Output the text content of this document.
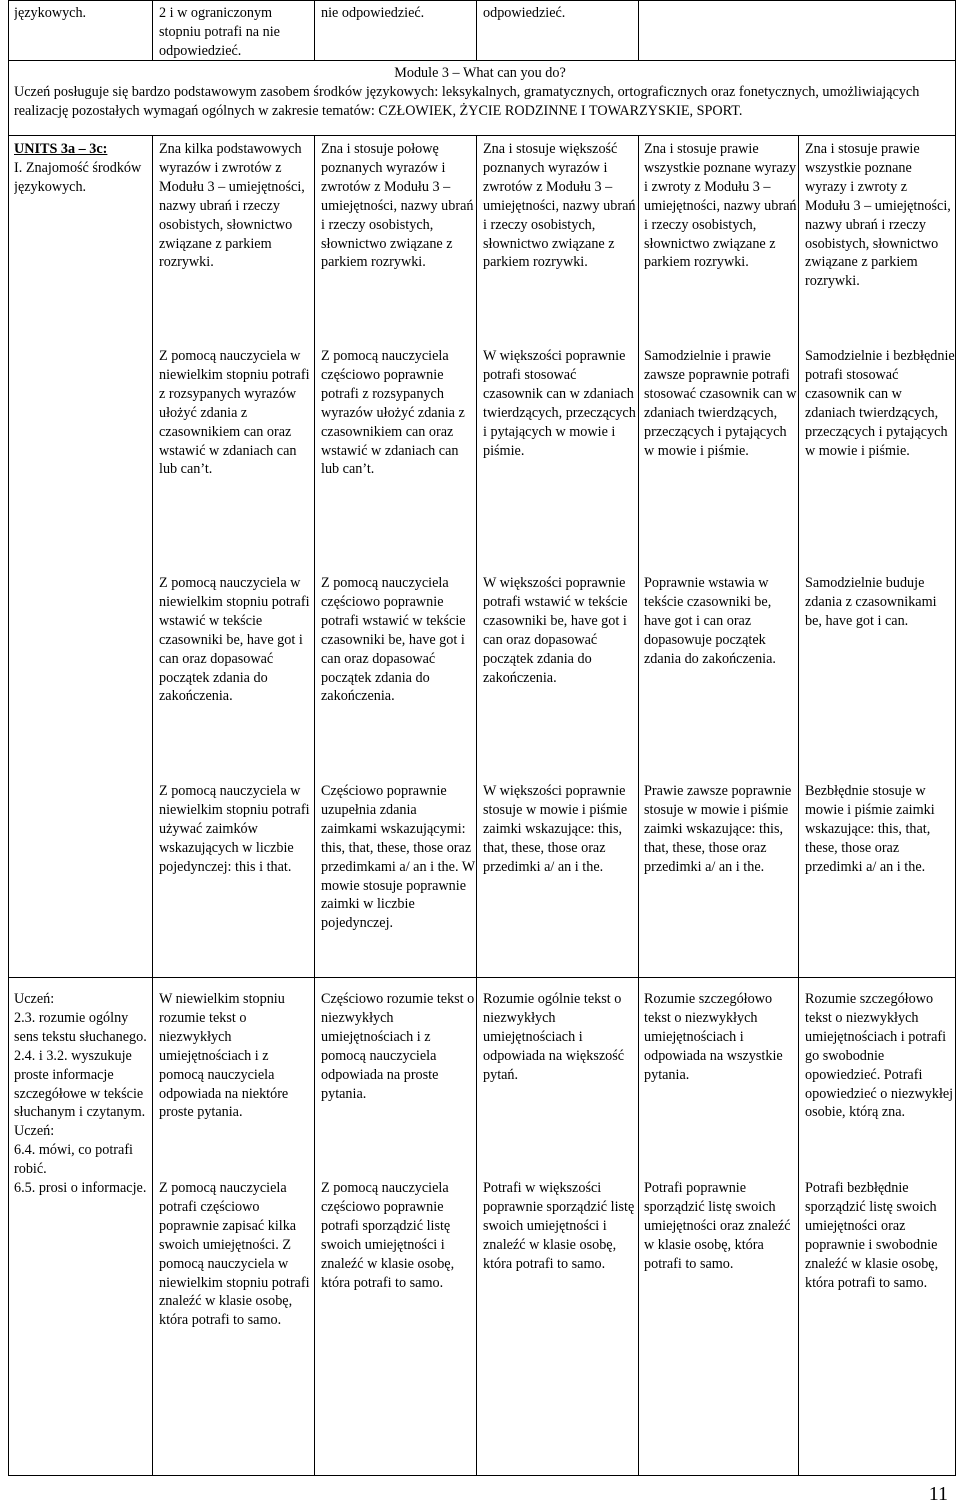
językowych.	2 i w ograniczonym stopniu potrafi na nie odpowiedzieć.
nie odpowiedzieć.	odpowiedzieć.
Module 3 – What can you do?
Uczeń posługuje się bardzo podstawowym zasobem środków językowych: leksykalnych, gramatycznych, ortograficznych oraz fonetycznych, umożliwiających realizację pozostałych wymagań ogólnych w zakresie tematów: CZŁOWIEK, ŻYCIE RODZINNE I TOWARZYSKIE, SPORT.

UNITS 3a – 3c:

I. Znajomość środków językowych.

Zna kilka podstawowych wyrazów i zwrotów z Modułu 3 – umiejętności, nazwy ubrań i rzeczy osobistych, słownictwo związane z parkiem rozrywki.
Zna i stosuje połowę poznanych wyrazów i zwrotów z Modułu 3 – umiejętności, nazwy ubrań i rzeczy osobistych, słownictwo związane z parkiem rozrywki.
Zna i stosuje większość poznanych wyrazów i zwrotów z Modułu 3 – umiejętności, nazwy ubrań i rzeczy osobistych, słownictwo związane z parkiem rozrywki.
Zna i stosuje prawie wszystkie poznane wyrazy i zwroty z Modułu 3 – umiejętności, nazwy ubrań i rzeczy osobistych, słownictwo związane z parkiem rozrywki.
Zna i stosuje prawie wszystkie poznane wyrazy i zwroty z Modułu 3 – umiejętności, nazwy ubrań i rzeczy osobistych, słownictwo związane z parkiem rozrywki.
Z pomocą nauczyciela w niewielkim stopniu potrafi z rozsypanych wyrazów ułożyć zdania z czasownikiem can oraz wstawić w zdaniach can lub can’t.
Z pomocą nauczyciela częściowo poprawnie potrafi z rozsypanych wyrazów ułożyć zdania z czasownikiem can oraz wstawić w zdaniach can lub can’t.
W większości poprawnie potrafi stosować czasownik can w zdaniach twierdzących, przeczących i pytających w mowie i piśmie.
Samodzielnie i prawie zawsze poprawnie potrafi stosować czasownik can w zdaniach twierdzących, przeczących i pytających w mowie i piśmie.
Samodzielnie i bezbłędnie potrafi stosować czasownik can w zdaniach twierdzących, przeczących i pytających w mowie i piśmie.
Z pomocą nauczyciela w niewielkim stopniu potrafi wstawić w tekście czasowniki be, have got i can oraz dopasować początek zdania do zakończenia.
Z pomocą nauczyciela częściowo poprawnie potrafi wstawić w tekście czasowniki be, have got i can oraz dopasować początek zdania do zakończenia.
W większości poprawnie potrafi wstawić w tekście czasowniki be, have got i can oraz dopasować początek zdania do zakończenia.
Poprawnie wstawia w tekście czasowniki be, have got i can oraz dopasowuje początek zdania do zakończenia.
Samodzielnie buduje zdania z czasownikami be, have got i can.
Z pomocą nauczyciela w niewielkim stopniu potrafi używać zaimków wskazujących w liczbie pojedynczej: this i that.
Częściowo poprawnie uzupełnia zdania zaimkami wskazującymi: this, that, these, those oraz przedimkami a/ an i the. W mowie stosuje poprawnie zaimki w liczbie pojedynczej.
W większości poprawnie stosuje w mowie i piśmie zaimki wskazujące: this, that, these, those oraz przedimki a/ an i the.
Prawie zawsze poprawnie stosuje w mowie i piśmie zaimki wskazujące: this, that, these, those oraz przedimki a/ an i the.
Bezbłędnie stosuje w mowie i piśmie zaimki wskazujące: this, that, these, those oraz przedimki a/ an i the.

Uczeń:

2.3. rozumie ogólny sens tekstu słuchanego.

2.4. i 3.2. wyszukuje proste informacje szczegółowe w tekście słuchanym i czytanym.

Uczeń:

6.4. mówi, co potrafi robić.

6.5. prosi o informacje.

W niewielkim stopniu rozumie tekst o niezwykłych umiejętnościach i z pomocą nauczyciela odpowiada na niektóre proste pytania.
Częściowo rozumie tekst o niezwykłych umiejętnościach i z pomocą nauczyciela odpowiada na proste pytania.
Rozumie ogólnie tekst o niezwykłych umiejętnościach i odpowiada na większość pytań.
Rozumie szczegółowo tekst o niezwykłych umiejętnościach i odpowiada na wszystkie pytania.
Rozumie szczegółowo tekst o niezwykłych umiejętnościach i potrafi go swobodnie opowiedzieć. Potrafi opowiedzieć o niezwykłej osobie, którą zna.
Z pomocą nauczyciela potrafi częściowo poprawnie zapisać kilka swoich umiejętności. Z pomocą nauczyciela w niewielkim stopniu potrafi znaleźć w klasie osobę, która potrafi to samo.
Z pomocą nauczyciela częściowo poprawnie potrafi sporządzić listę swoich umiejętności i znaleźć w klasie osobę, która potrafi to samo.
Potrafi w większości poprawnie sporządzić listę swoich umiejętności i znaleźć w klasie osobę, która potrafi to samo.
Potrafi poprawnie sporządzić listę swoich umiejętności oraz znaleźć w klasie osobę, która potrafi to samo.
Potrafi bezbłędnie sporządzić listę swoich umiejętności oraz poprawnie i swobodnie znaleźć w klasie osobę, która potrafi to samo.
11
